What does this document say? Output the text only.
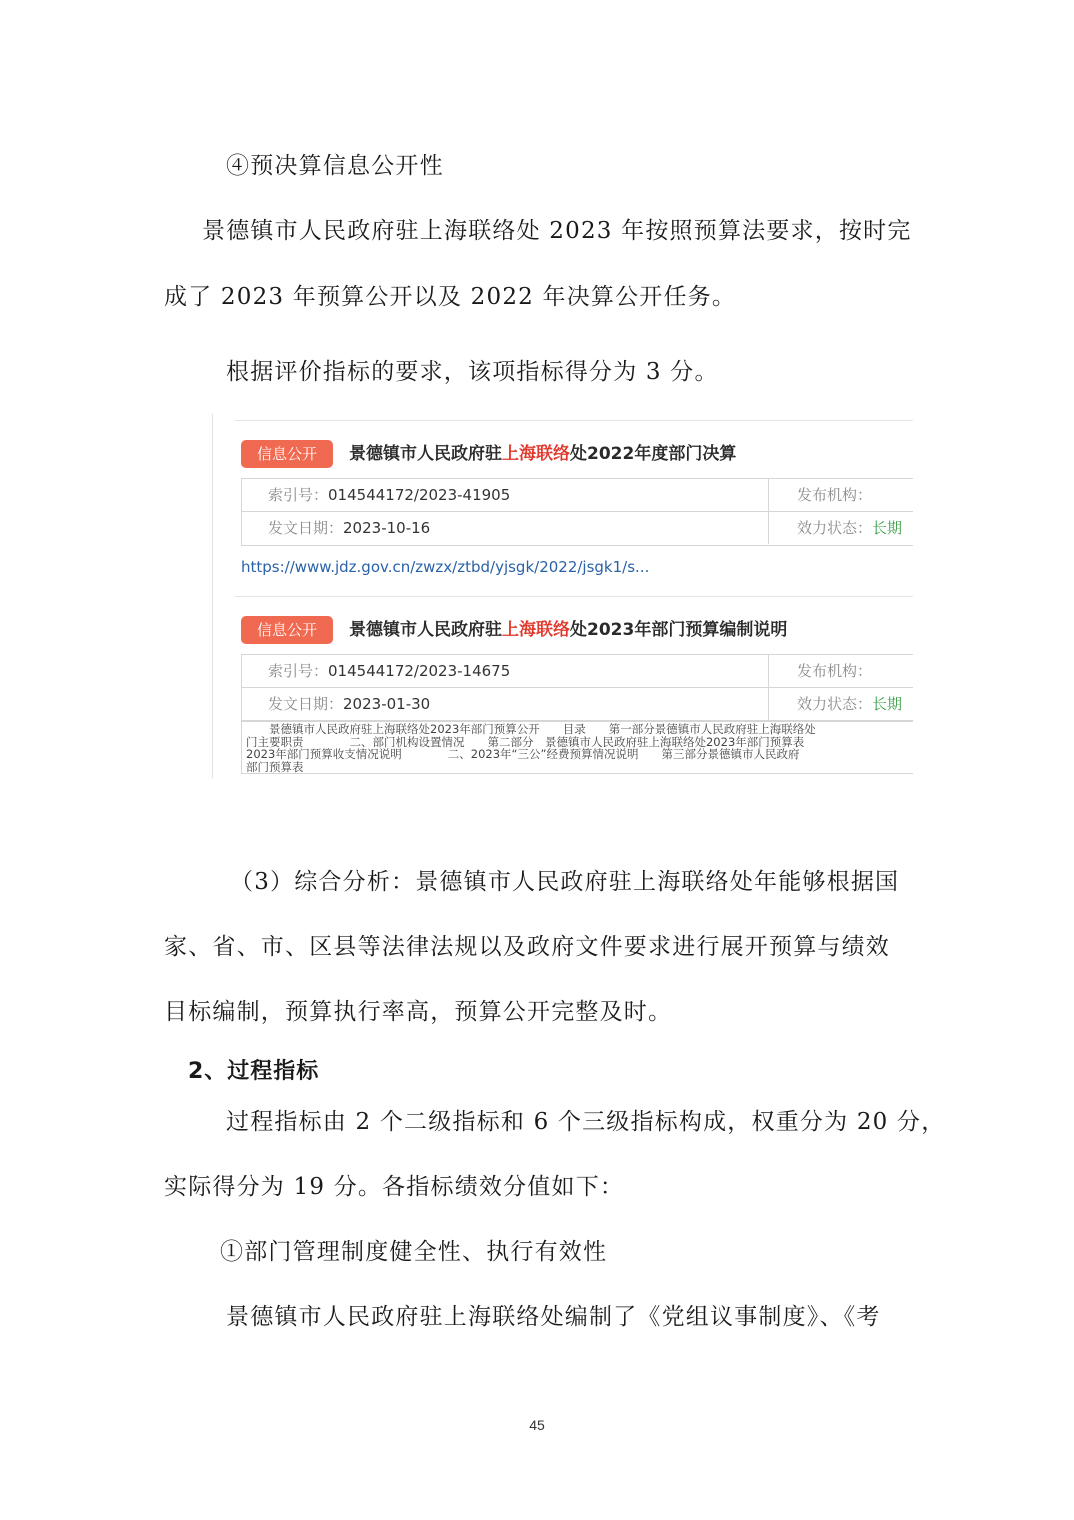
④预决算信息公开性
景德镇市人民政府驻上海联络处 2023 年按照预算法要求，按时完
成了 2023 年预算公开以及 2022 年决算公开任务。
根据评价指标的要求，该项指标得分为 3 分。
信息公开	景德镇市人民政府驻上海联络处2022年度部门决算
索引号：014544172/2023-41905	发布机构：
发文日期：2023-10-16	效力状态：长期
https://www.jdz.gov.cn/zwzx/ztbd/yjsgk/2022/jsgk1/s...
信息公开	景德镇市人民政府驻上海联络处2023年部门预算编制说明
索引号：014544172/2023-14675	发布机构：
发文日期：2023-01-30	效力状态：长期
　　景德镇市人民政府驻上海联络处2023年部门预算公开　　目录　　第一部分景德镇市人民政府驻上海联络处
门主要职责　　　　二、部门机构设置情况　　第二部分　景德镇市人民政府驻上海联络处2023年部门预算表
2023年部门预算收支情况说明　　　　二、2023年“三公”经费预算情况说明　　第三部分景德镇市人民政府
部门预算表
（3）综合分析：景德镇市人民政府驻上海联络处年能够根据国
家、省、市、区县等法律法规以及政府文件要求进行展开预算与绩效
目标编制，预算执行率高，预算公开完整及时。
2、过程指标
过程指标由 2 个二级指标和 6 个三级指标构成，权重分为 20 分，
实际得分为 19 分。各指标绩效分值如下：
①部门管理制度健全性、执行有效性
景德镇市人民政府驻上海联络处编制了《党组议事制度》、《考
45
